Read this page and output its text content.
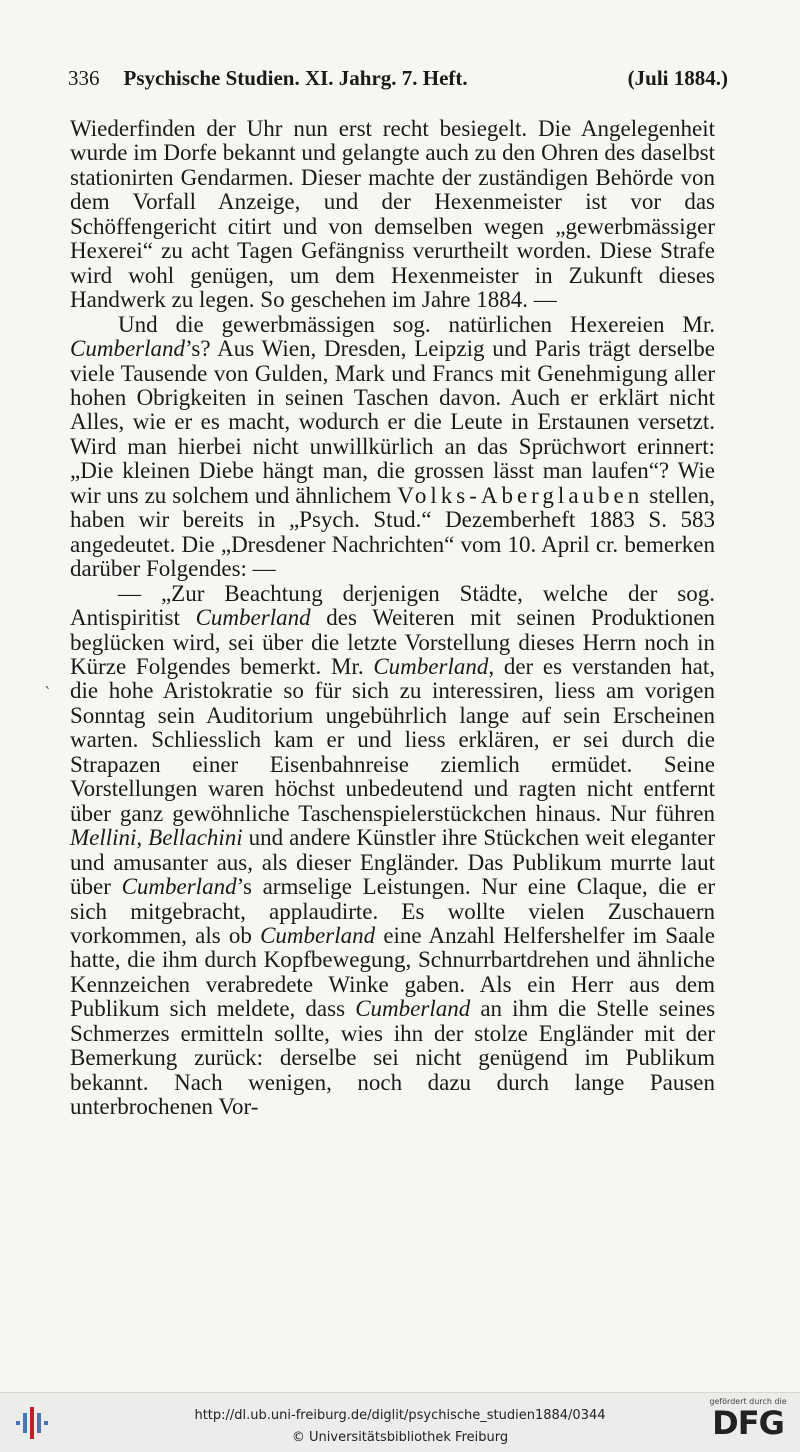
336 Psychische Studien. XI. Jahrg. 7. Heft.	(Juli 1884.)
`

Wiederfinden der Uhr nun erst recht besiegelt. Die Angelegenheit wurde im Dorfe bekannt und gelangte auch zu den Ohren des daselbst stationirten Gendarmen. Dieser machte der zuständigen Behörde von dem Vorfall Anzeige, und der Hexenmeister ist vor das Schöffengericht citirt und von demselben wegen „gewerbmässiger Hexerei“ zu acht Tagen Gefängniss verurtheilt worden. Diese Strafe wird wohl genügen, um dem Hexenmeister in Zukunft dieses Handwerk zu legen. So geschehen im Jahre 1884. —

Und die gewerbmässigen sog. natürlichen Hexereien Mr. Cumberland’s? Aus Wien, Dresden, Leipzig und Paris trägt derselbe viele Tausende von Gulden, Mark und Francs mit Genehmigung aller hohen Obrigkeiten in seinen Taschen davon. Auch er erklärt nicht Alles, wie er es macht, wodurch er die Leute in Erstaunen versetzt. Wird man hierbei nicht unwillkürlich an das Sprüchwort erinnert: „Die kleinen Diebe hängt man, die grossen lässt man laufen“? Wie wir uns zu solchem und ähnlichem Volks-Aberglauben stellen, haben wir bereits in „Psych. Stud.“ Dezemberheft 1883 S. 583 angedeutet. Die „Dresdener Nachrichten“ vom 10. April cr. bemerken darüber Folgendes: —

— „Zur Beachtung derjenigen Städte, welche der sog. Antispiritist Cumberland des Weiteren mit seinen Produktionen beglücken wird, sei über die letzte Vorstellung dieses Herrn noch in Kürze Folgendes bemerkt. Mr. Cumberland, der es verstanden hat, die hohe Aristokratie so für sich zu interessiren, liess am vorigen Sonntag sein Auditorium ungebührlich lange auf sein Erscheinen warten. Schliesslich kam er und liess erklären, er sei durch die Strapazen einer Eisenbahnreise ziemlich ermüdet. Seine Vorstellungen waren höchst unbedeutend und ragten nicht entfernt über ganz gewöhnliche Taschenspielerstückchen hinaus. Nur führen Mellini, Bellachini und andere Künstler ihre Stückchen weit eleganter und amusanter aus, als dieser Engländer. Das Publikum murrte laut über Cumberland’s armselige Leistungen. Nur eine Claque, die er sich mitgebracht, applaudirte. Es wollte vielen Zuschauern vorkommen, als ob Cumberland eine Anzahl Helfershelfer im Saale hatte, die ihm durch Kopfbewegung, Schnurrbartdrehen und ähnliche Kennzeichen verabredete Winke gaben. Als ein Herr aus dem Publikum sich meldete, dass Cumberland an ihm die Stelle seines Schmerzes ermitteln sollte, wies ihn der stolze Engländer mit der Bemerkung zurück: derselbe sei nicht genügend im Publikum bekannt. Nach wenigen, noch dazu durch lange Pausen unterbrochenen Vor-

http://dl.ub.uni-freiburg.de/diglit/psychische_studien1884/0344
© Universitätsbibliothek Freiburg
gefördert durch die
DFG
